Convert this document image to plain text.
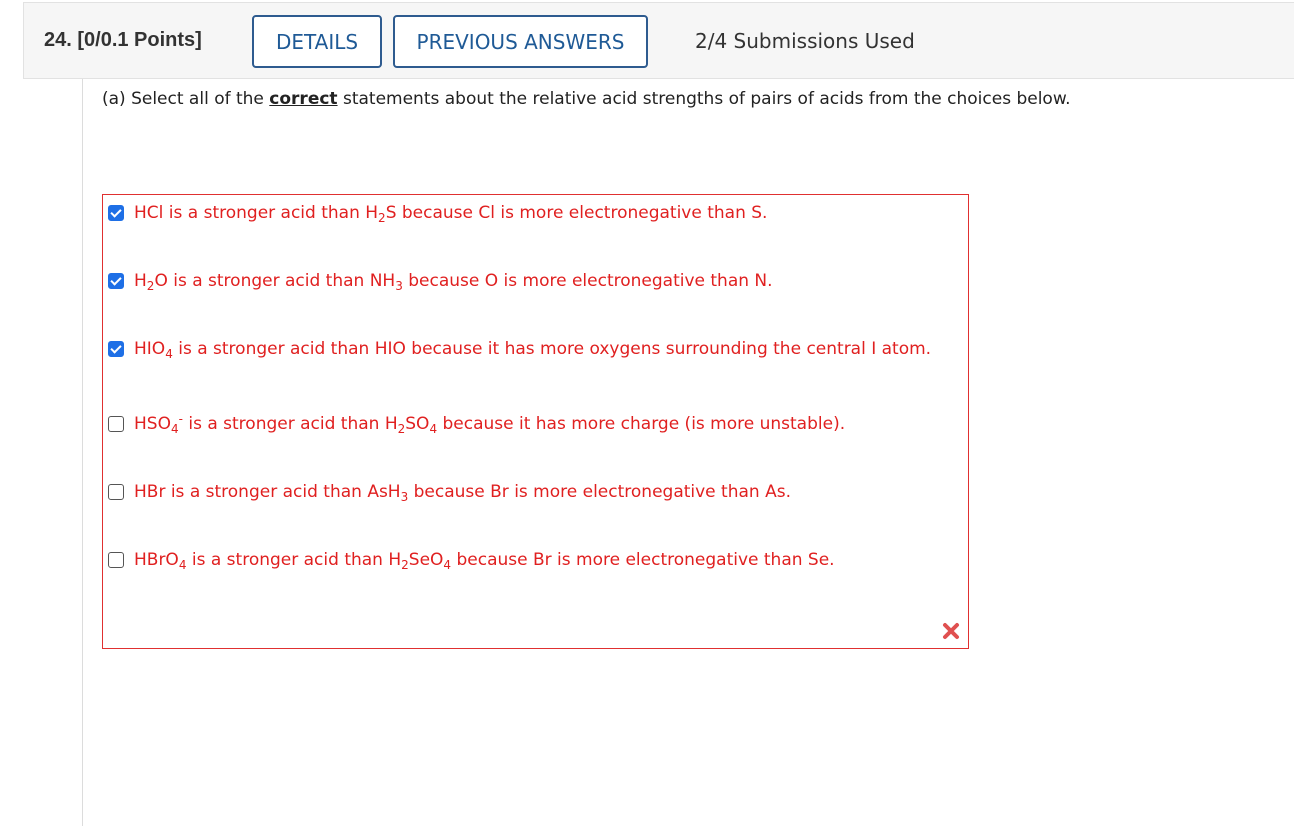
24. [0/0.1 Points]	DETAILS	PREVIOUS ANSWERS	2/4 Submissions Used
(a) Select all of the correct statements about the relative acid strengths of pairs of acids from the choices below.
HCl is a stronger acid than $H_2S$ because Cl is more electronegative than S.
$H_2O$ is a stronger acid than $NH_3$ because O is more electronegative than N.
$HIO_4$ is a stronger acid than HIO because it has more oxygens surrounding the central I atom.
$HSO_4^-$ is a stronger acid than $H_2SO_4$ because it has more charge (is more unstable).
HBr is a stronger acid than AsH$_3$ because Br is more electronegative than As.
HBrO$_4$ is a stronger acid than $H_2SeO_4$ because Br is more electronegative than Se.
